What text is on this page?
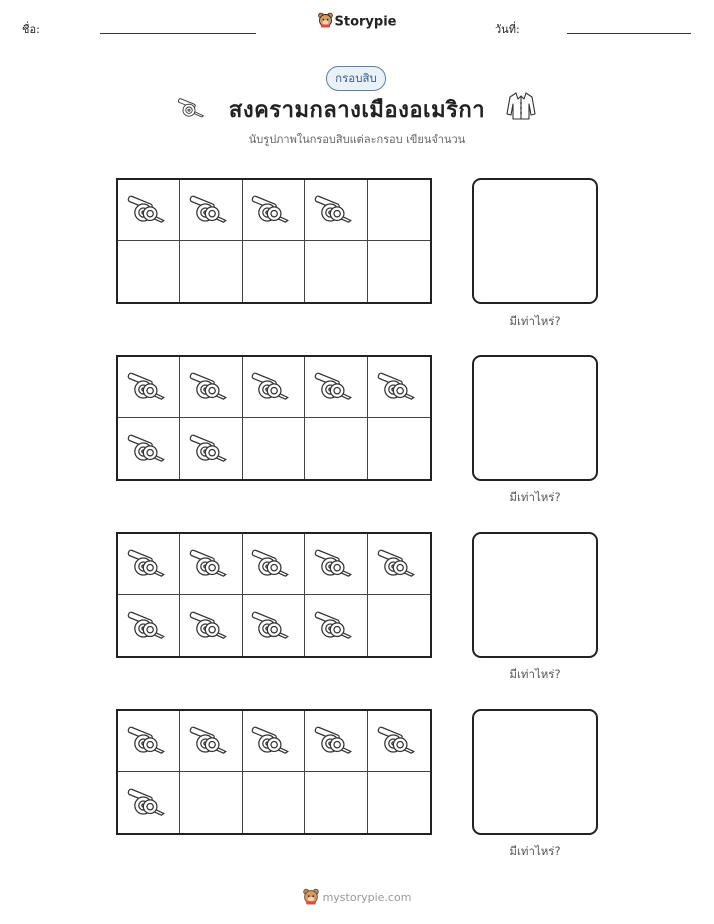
ชื่อ:	Storypie	วันที่:
กรอบสิบ
สงครามกลางเมืองอเมริกา
นับรูปภาพในกรอบสิบแต่ละกรอบ เขียนจำนวน
มีเท่าไหร่?
มีเท่าไหร่?
มีเท่าไหร่?
มีเท่าไหร่?
mystorypie.com
